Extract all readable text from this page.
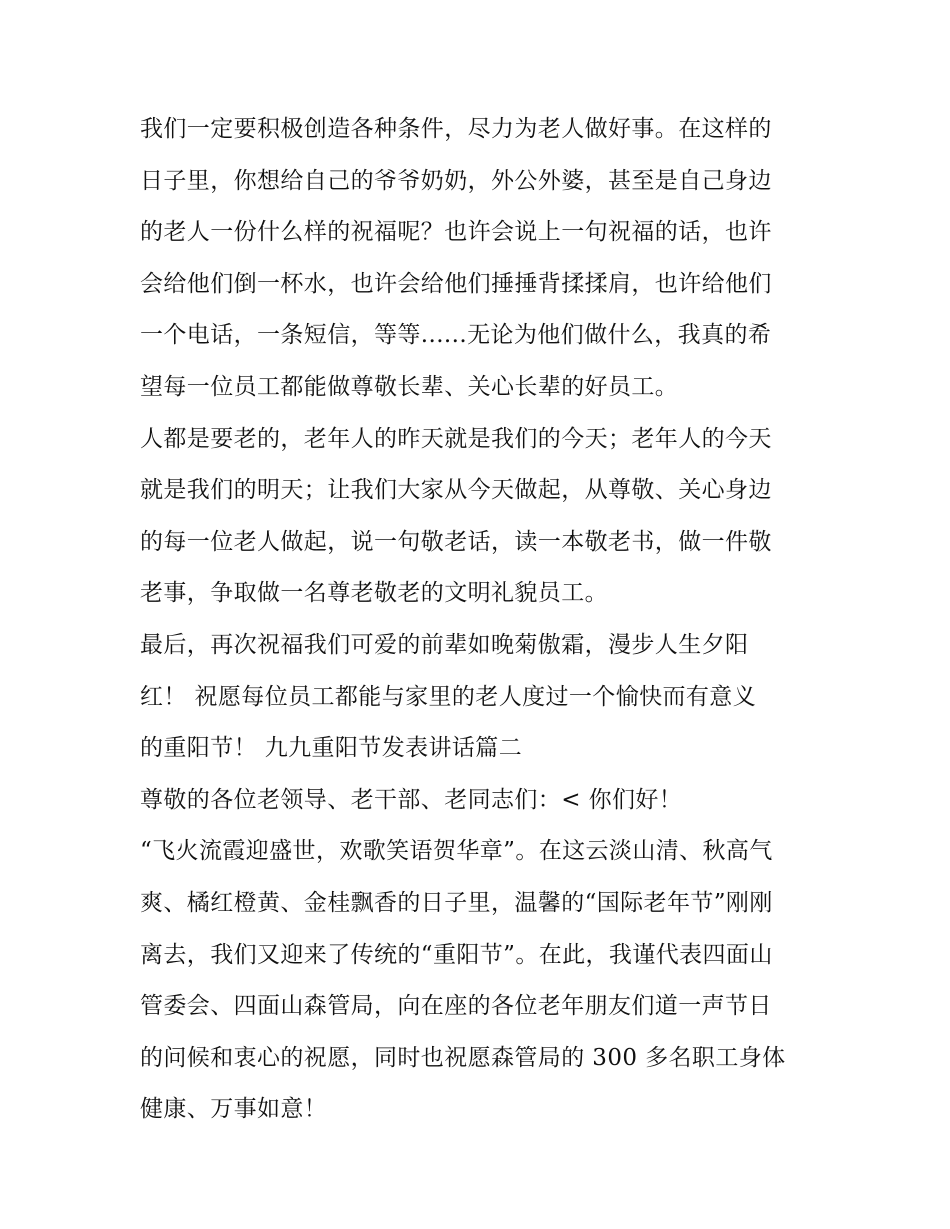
我们一定要积极创造各种条件，尽力为老人做好事。在这样的
日子里，你想给自己的爷爷奶奶，外公外婆，甚至是自己身边
的老人一份什么样的祝福呢？也许会说上一句祝福的话，也许
会给他们倒一杯水，也许会给他们捶捶背揉揉肩，也许给他们
一个电话，一条短信，等等......无论为他们做什么，我真的希
望每一位员工都能做尊敬长辈、关心长辈的好员工。
人都是要老的，老年人的昨天就是我们的今天；老年人的今天
就是我们的明天；让我们大家从今天做起，从尊敬、关心身边
的每一位老人做起，说一句敬老话，读一本敬老书，做一件敬
老事，争取做一名尊老敬老的文明礼貌员工。
最后，再次祝福我们可爱的前辈如晚菊傲霜，漫步人生夕阳
红！ 祝愿每位员工都能与家里的老人度过一个愉快而有意义
的重阳节！ 九九重阳节发表讲话篇二
尊敬的各位老领导、老干部、老同志们：< 你们好！
“飞火流霞迎盛世，欢歌笑语贺华章”。在这云淡山清、秋高气
爽、橘红橙黄、金桂飘香的日子里，温馨的“国际老年节”刚刚
离去，我们又迎来了传统的“重阳节”。在此，我谨代表四面山
管委会、四面山森管局，向在座的各位老年朋友们道一声节日
的问候和衷心的祝愿，同时也祝愿森管局的 300 多名职工身体
健康、万事如意！
